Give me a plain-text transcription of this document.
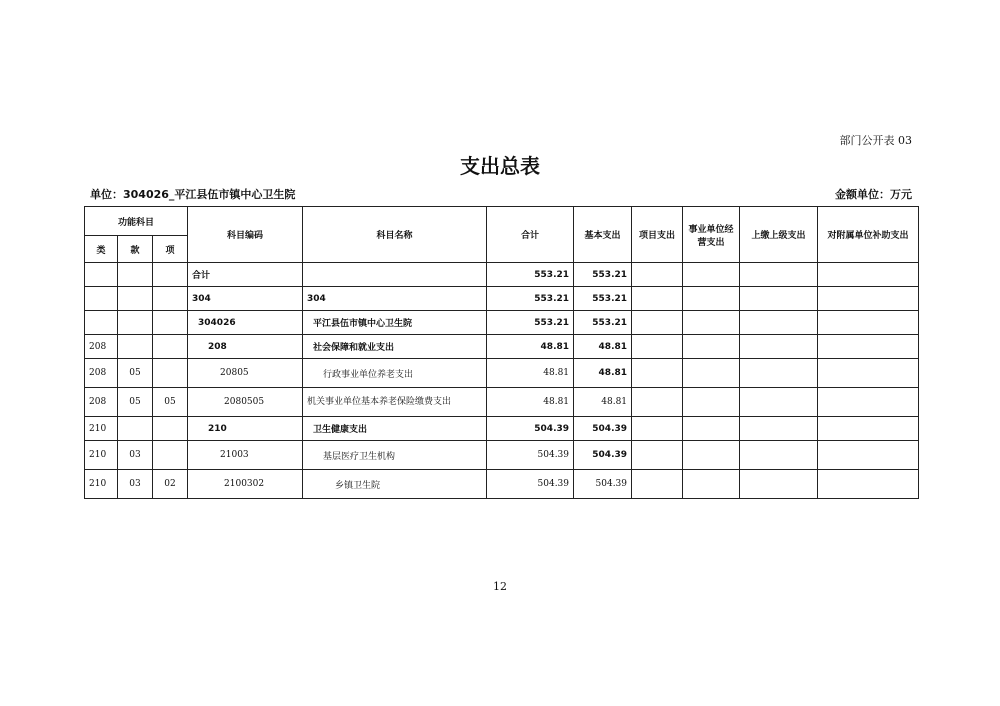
部门公开表 03
支出总表
单位：304026_平江县伍市镇中心卫生院	金额单位：万元
功能科目			科目编码	科目名称	合计	基本支出	项目支出	事业单位经营支出	上缴上级支出	对附属单位补助支出
类	款	项								
			合计		553.21	553.21				
			304	304	553.21	553.21				
			304026	平江县伍市镇中心卫生院	553.21	553.21				
208			208	社会保障和就业支出	48.81	48.81				
208	05		20805	行政事业单位养老支出	48.81	48.81				
208	05	05	2080505	机关事业单位基本养老保险缴费支出	48.81	48.81				
210			210	卫生健康支出	504.39	504.39				
210	03		21003	基层医疗卫生机构	504.39	504.39				
210	03	02	2100302	乡镇卫生院	504.39	504.39				
12
